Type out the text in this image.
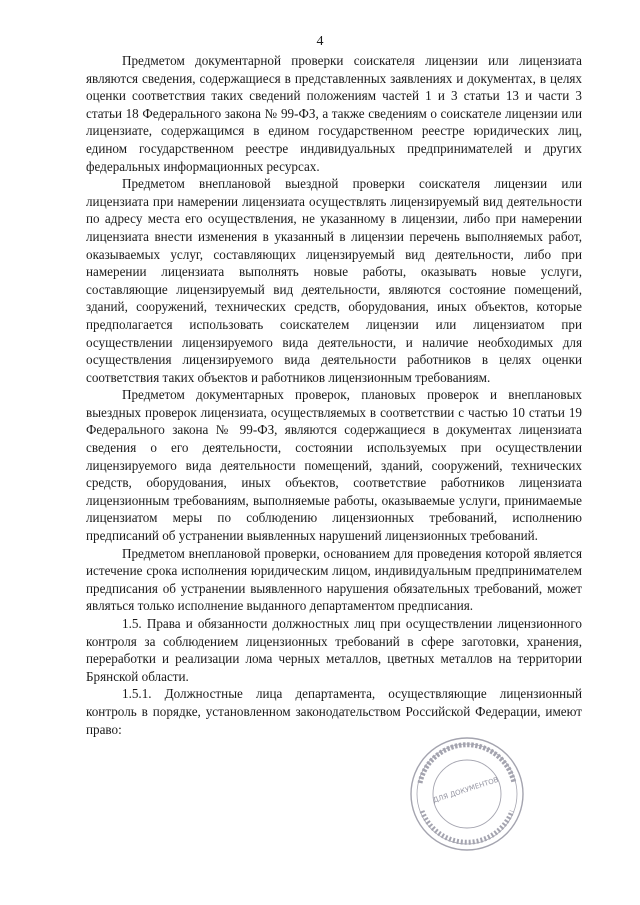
4

Предметом документарной проверки соискателя лицензии или лицензиата являются сведения, содержащиеся в представленных заявлениях и документах, в целях оценки соответствия таких сведений положениям частей 1 и 3 статьи 13 и части 3 статьи 18 Федерального закона № 99-ФЗ, а также сведениям о соискателе лицензии или лицензиате, содержащимся в едином государственном реестре юридических лиц, едином государственном реестре индивидуальных предпринимателей и других федеральных информационных ресурсах.

Предметом внеплановой выездной проверки соискателя лицензии или лицензиата при намерении лицензиата осуществлять лицензируемый вид деятельности по адресу места его осуществления, не указанному в лицензии, либо при намерении лицензиата внести изменения в указанный в лицензии перечень выполняемых работ, оказываемых услуг, составляющих лицензируемый вид деятельности, либо при намерении лицензиата выполнять новые работы, оказывать новые услуги, составляющие лицензируемый вид деятельности, являются состояние помещений, зданий, сооружений, технических средств, оборудования, иных объектов, которые предполагается использовать соискателем лицензии или лицензиатом при осуществлении лицензируемого вида деятельности, и наличие необходимых для осуществления лицензируемого вида деятельности работников в целях оценки соответствия таких объектов и работников лицензионным требованиям.

Предметом документарных проверок, плановых проверок и внеплановых выездных проверок лицензиата, осуществляемых в соответствии с частью 10 статьи 19 Федерального закона № 99-ФЗ, являются содержащиеся в документах лицензиата сведения о его деятельности, состоянии используемых при осуществлении лицензируемого вида деятельности помещений, зданий, сооружений, технических средств, оборудования, иных объектов, соответствие работников лицензиата лицензионным требованиям, выполняемые работы, оказываемые услуги, принимаемые лицензиатом меры по соблюдению лицензионных требований, исполнению предписаний об устранении выявленных нарушений лицензионных требований.

Предметом внеплановой проверки, основанием для проведения которой является истечение срока исполнения юридическим лицом, индивидуальным предпринимателем предписания об устранении выявленного нарушения обязательных требований, может являться только исполнение выданного департаментом предписания.

1.5. Права и обязанности должностных лиц при осуществлении лицензионного контроля за соблюдением лицензионных требований в сфере заготовки, хранения, переработки и реализации лома черных металлов, цветных металлов на территории Брянской области.

1.5.1. Должностные лица департамента, осуществляющие лицензионный контроль в порядке, установленном законодательством Российской Федерации, имеют право:

ДЛЯ ДОКУМЕНТОВ
